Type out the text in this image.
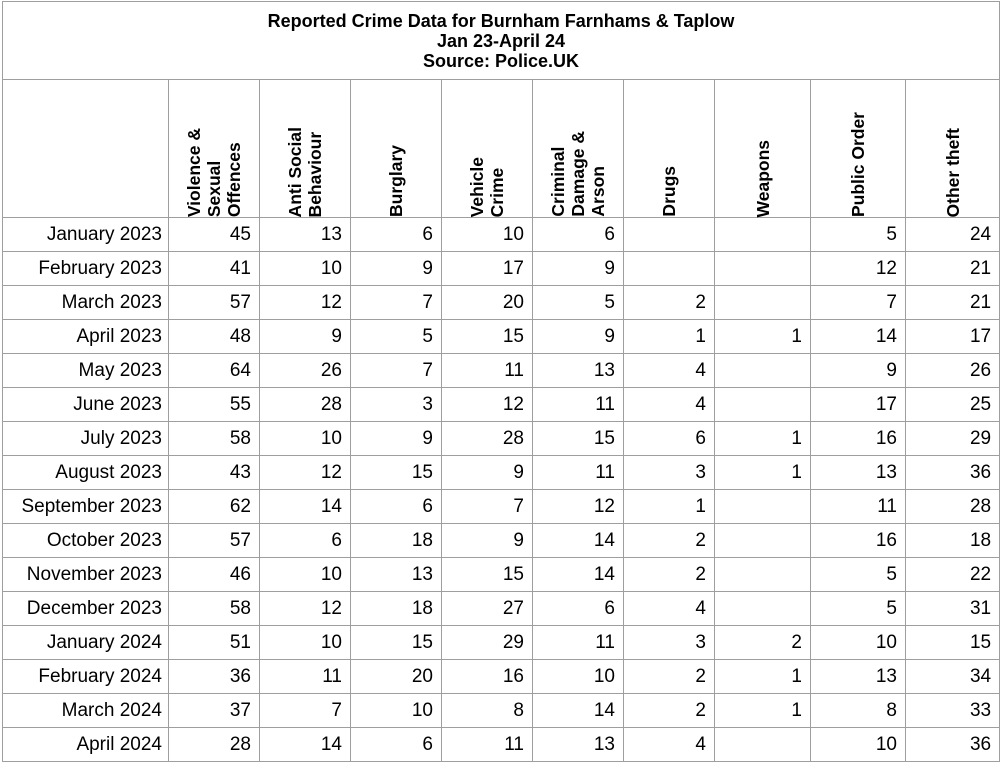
Reported Crime Data for Burnham Farnhams & Taplow
Jan 23-April 24
Source: Police.UK									

	Violence &
Sexual
Offences	Anti Social
Behaviour	Burglary	Vehicle
Crime	Criminal
Damage &
Arson	Drugs	Weapons	Public Order	Other theft

January 2023	45	13	6	10	6			5	24
February 2023	41	10	9	17	9			12	21
March 2023	57	12	7	20	5	2		7	21
April 2023	48	9	5	15	9	1	1	14	17
May 2023	64	26	7	11	13	4		9	26
June 2023	55	28	3	12	11	4		17	25
July 2023	58	10	9	28	15	6	1	16	29
August 2023	43	12	15	9	11	3	1	13	36
September 2023	62	14	6	7	12	1		11	28
October 2023	57	6	18	9	14	2		16	18
November 2023	46	10	13	15	14	2		5	22
December 2023	58	12	18	27	6	4		5	31
January 2024	51	10	15	29	11	3	2	10	15
February 2024	36	11	20	16	10	2	1	13	34
March 2024	37	7	10	8	14	2	1	8	33
April 2024	28	14	6	11	13	4		10	36
